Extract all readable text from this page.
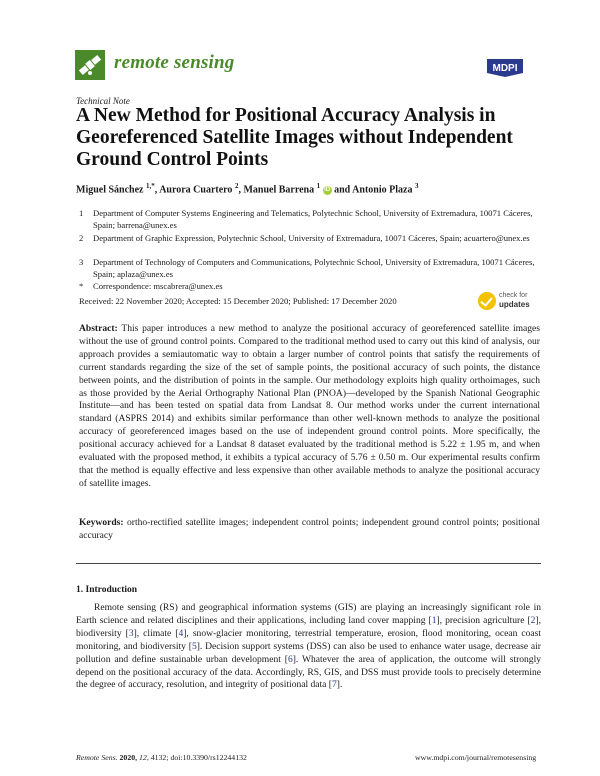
remote sensing	MDPI
Technical Note
A New Method for Positional Accuracy Analysis in Georeferenced Satellite Images without Independent Ground Control Points
Miguel Sánchez $^{1,*}$, Aurora Cuartero $^2$, Manuel Barrena $^1$ iD and Antonio Plaza $^3$
1 Department of Computer Systems Engineering and Telematics, Polytechnic School, University of Extremadura, 10071 Cáceres, Spain; barrena@unex.es
2 Department of Graphic Expression, Polytechnic School, University of Extremadura, 10071 Cáceres, Spain; acuartero@unex.es
3 Department of Technology of Computers and Communications, Polytechnic School, University of Extremadura, 10071 Cáceres, Spain; aplaza@unex.es
* Correspondence: mscabrera@unex.es
Received: 22 November 2020; Accepted: 15 December 2020; Published: 17 December 2020
check for
updates
Abstract: This paper introduces a new method to analyze the positional accuracy of georeferenced satellite images without the use of ground control points. Compared to the traditional method used to carry out this kind of analysis, our approach provides a semiautomatic way to obtain a larger number of control points that satisfy the requirements of current standards regarding the size of the set of sample points, the positional accuracy of such points, the distance between points, and the distribution of points in the sample. Our methodology exploits high quality orthoimages, such as those provided by the Aerial Orthography National Plan (PNOA)—developed by the Spanish National Geographic Institute—and has been tested on spatial data from Landsat 8. Our method works under the current international standard (ASPRS 2014) and exhibits similar performance than other well-known methods to analyze the positional accuracy of georeferenced images based on the use of independent ground control points. More specifically, the positional accuracy achieved for a Landsat 8 dataset evaluated by the traditional method is 5.22 ± 1.95 m, and when evaluated with the proposed method, it exhibits a typical accuracy of 5.76 ± 0.50 m. Our experimental results confirm that the method is equally effective and less expensive than other available methods to analyze the positional accuracy of satellite images.
Keywords: ortho-rectified satellite images; independent control points; independent ground control points; positional accuracy
1. Introduction
Remote sensing (RS) and geographical information systems (GIS) are playing an increasingly significant role in Earth science and related disciplines and their applications, including land cover mapping [1], precision agriculture [2], biodiversity [3], climate [4], snow-glacier monitoring, terrestrial temperature, erosion, flood monitoring, ocean coast monitoring, and biodiversity [5]. Decision support systems (DSS) can also be used to enhance water usage, decrease air pollution and define sustainable urban development [6]. Whatever the area of application, the outcome will strongly depend on the positional accuracy of the data. Accordingly, RS, GIS, and DSS must provide tools to precisely determine the degree of accuracy, resolution, and integrity of positional data [7].
Remote Sens. 2020, 12, 4132; doi:10.3390/rs12244132	www.mdpi.com/journal/remotesensing
